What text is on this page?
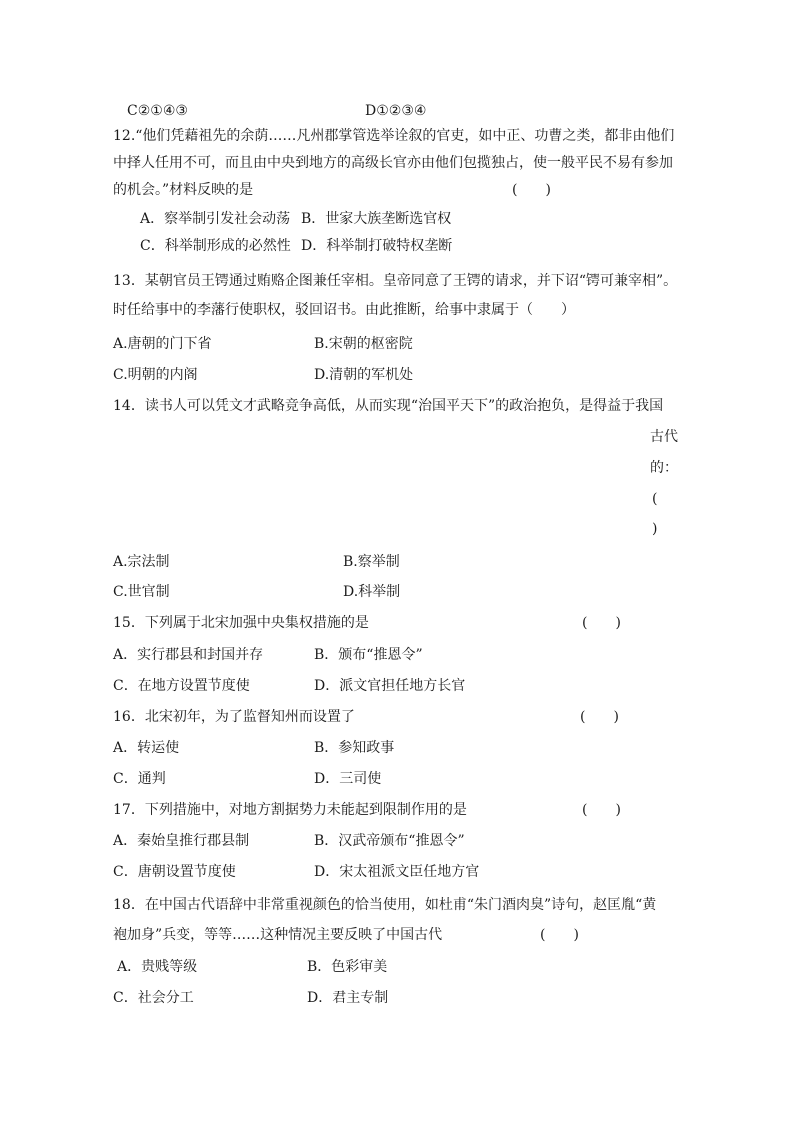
C②①④③	D①②③④
12.“他们凭藉祖先的余荫……凡州郡掌管选举诠叙的官吏，如中正、功曹之类，都非由他们
中择人任用不可，而且由中央到地方的高级长官亦由他们包揽独占，使一般平民不易有参加
的机会。”材料反映的是	(　　)
A．察举制引发社会动荡 B．世家大族垄断选官权
C．科举制形成的必然性 D．科举制打破特权垄断
13．某朝官员王锷通过贿赂企图兼任宰相。皇帝同意了王锷的请求，并下诏“锷可兼宰相”。
时任给事中的李藩行使职权，驳回诏书。由此推断，给事中隶属于（　　）
A.唐朝的门下省	B.宋朝的枢密院
C.明朝的内阁	D.清朝的军机处
14．读书人可以凭文才武略竞争高低，从而实现“治国平天下”的政治抱负，是得益于我国
古代
的：
(
)
A.宗法制	B.察举制
C.世官制	D.科举制
15．下列属于北宋加强中央集权措施的是	(　　)
A．实行郡县和封国并存	B．颁布“推恩令”
C．在地方设置节度使	D．派文官担任地方长官
16．北宋初年，为了监督知州而设置了	(　　)
A．转运使	B．参知政事
C．通判	D．三司使
17．下列措施中，对地方割据势力未能起到限制作用的是	(　　)
A．秦始皇推行郡县制	B．汉武帝颁布“推恩令”
C．唐朝设置节度使	D．宋太祖派文臣任地方官
18．在中国古代语辞中非常重视颜色的恰当使用，如杜甫“朱门酒肉臭”诗句，赵匡胤“黄
袍加身”兵变，等等……这种情况主要反映了中国古代	(　　)
A．贵贱等级	B．色彩审美
C．社会分工	D．君主专制
